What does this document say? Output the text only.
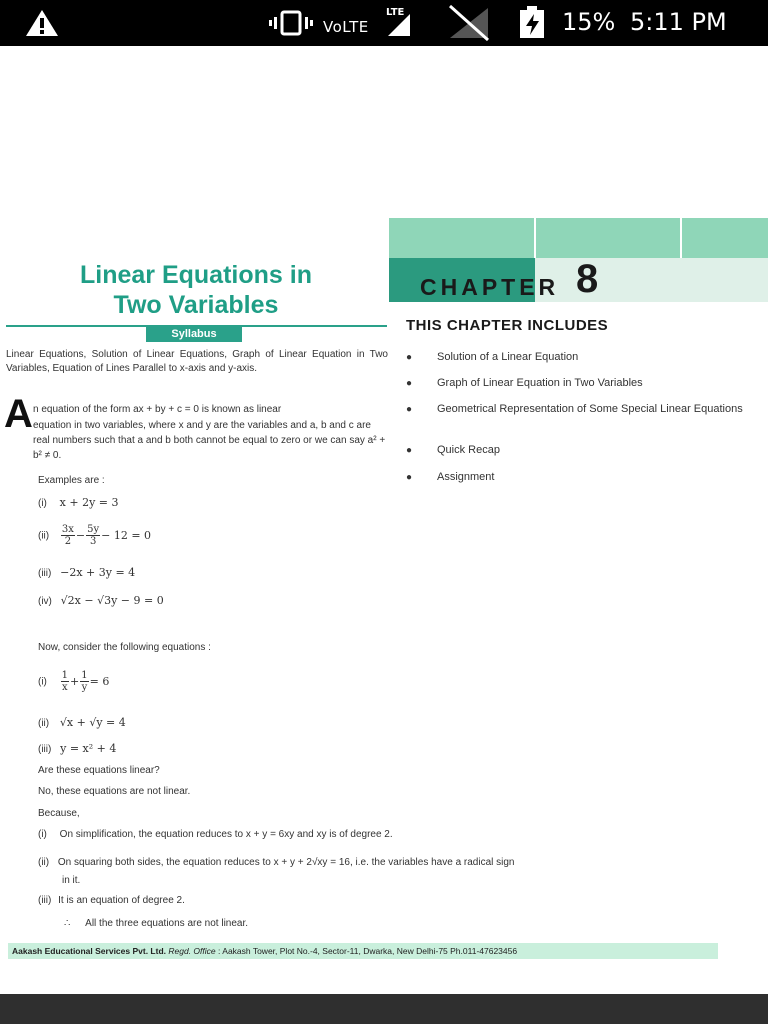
VoLTE
LTE	15% 5:11 PM
CHAPTER 8
THIS CHAPTER INCLUDES
● Solution of a Linear Equation
● Graph of Linear Equation in Two Variables
● Geometrical Representation of Some Special Linear Equations
● Quick Recap
● Assignment
Linear Equations in
Two Variables
Syllabus
Linear Equations, Solution of Linear Equations, Graph of Linear Equation in Two Variables, Equation of Lines Parallel to x-axis and y-axis.
A n equation of the form ax + by + c = 0 is known as linear
equation in two variables, where x and y are the variables and a, b and c are real numbers such that a and b both cannot be equal to zero or we can say a² + b² ≠ 0.
Examples are :
(i) x + 2y = 3
$(ii) \frac{3x}{2} - \frac{5y}{3} - 12 = 0$
(iii) −2x + 3y = 4
(iv) √2x − √3y − 9 = 0
Now, consider the following equations :
$(i) \frac{1}{x} + \frac{1}{y} = 6$
(ii) √x + √y = 4
(iii) y = x² + 4
Are these equations linear?
No, these equations are not linear.
Because,
(i) On simplification, the equation reduces to x + y = 6xy and xy is of degree 2.
(ii) On squaring both sides, the equation reduces to x + y + 2√xy = 16, i.e. the variables have a radical sign
in it.
(iii) It is an equation of degree 2.
∴ All the three equations are not linear.
Aakash Educational Services Pvt. Ltd. Regd. Office : Aakash Tower, Plot No.-4, Sector-11, Dwarka, New Delhi-75 Ph.011-47623456
